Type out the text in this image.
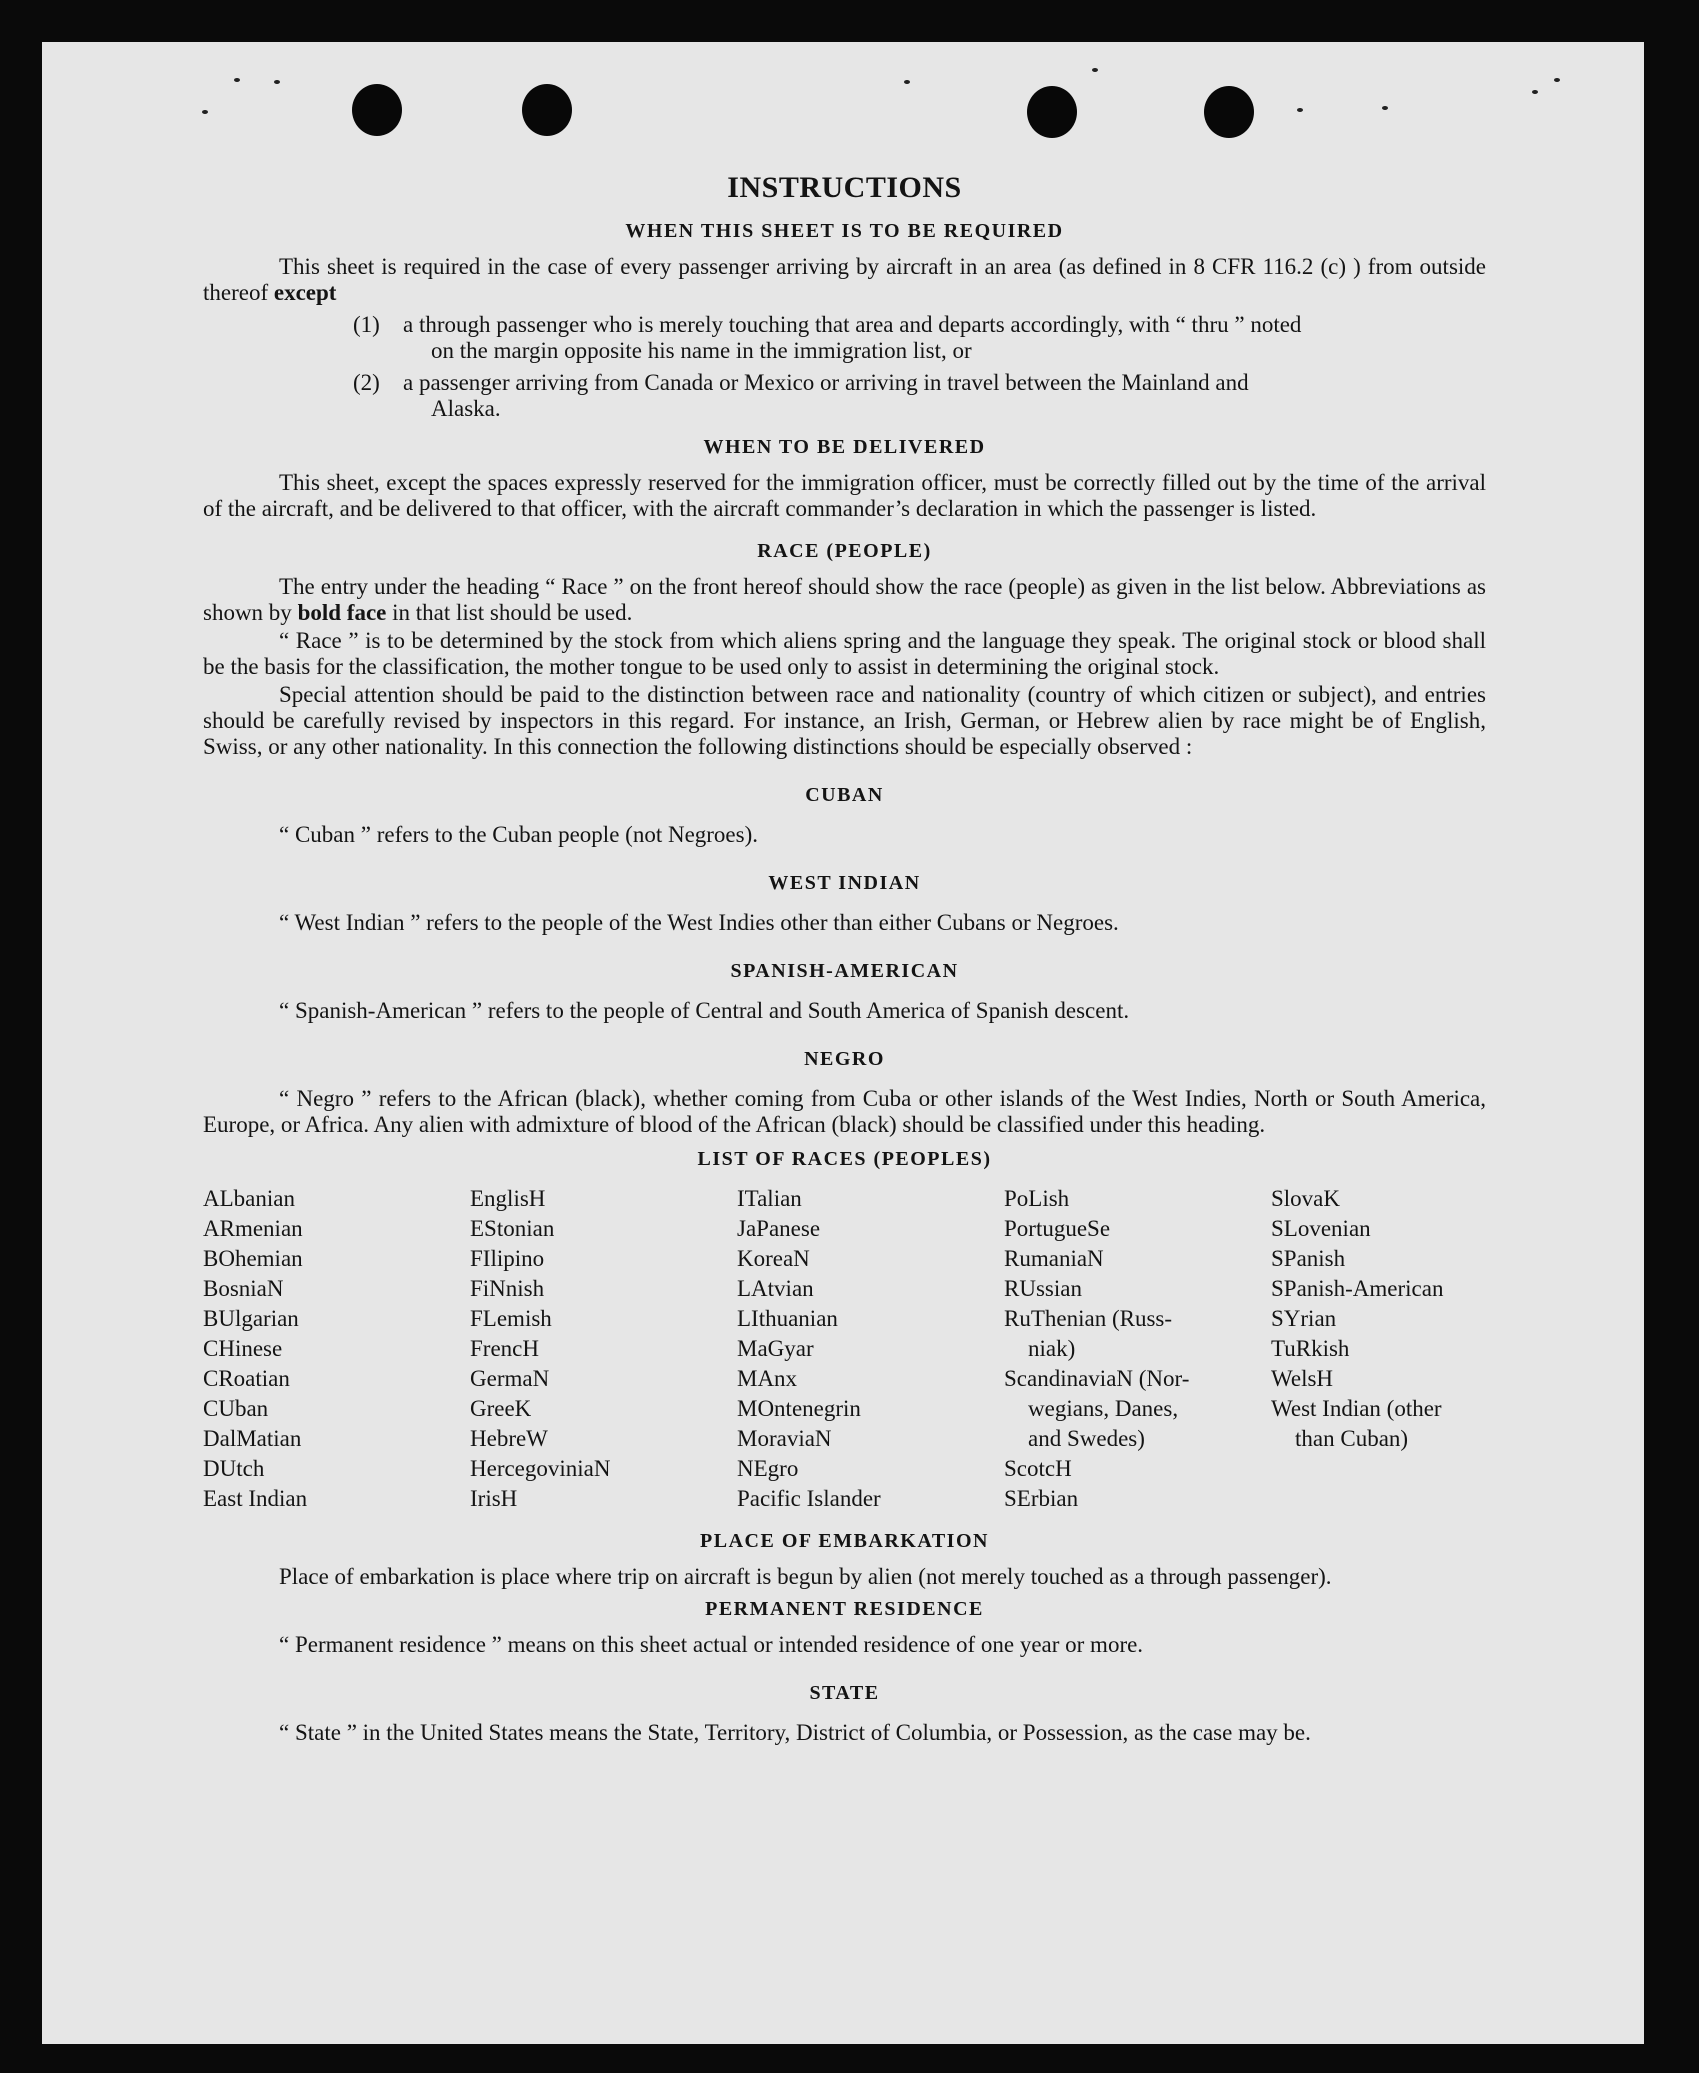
INSTRUCTIONS
WHEN THIS SHEET IS TO BE REQUIRED

This sheet is required in the case of every passenger arriving by aircraft in an area (as defined in 8 CFR 116.2 (c) ) from outside thereof except

(1)	a through passenger who is merely touching that area and departs accordingly, with “ thru ” noted
on the margin opposite his name in the immigration list, or
(2)	a passenger arriving from Canada or Mexico or arriving in travel between the Mainland and
Alaska.
WHEN TO BE DELIVERED

This sheet, except the spaces expressly reserved for the immigration officer, must be correctly filled out by the time of the arrival of the aircraft, and be delivered to that officer, with the aircraft commander’s declaration in which the passenger is listed.

RACE (PEOPLE)

The entry under the heading “ Race ” on the front hereof should show the race (people) as given in the list below. Abbreviations as shown by bold face in that list should be used.

“ Race ” is to be determined by the stock from which aliens spring and the language they speak. The original stock or blood shall be the basis for the classification, the mother tongue to be used only to assist in determining the original stock.

Special attention should be paid to the distinction between race and nationality (country of which citizen or subject), and entries should be carefully revised by inspectors in this regard. For instance, an Irish, German, or Hebrew alien by race might be of English, Swiss, or any other nationality. In this connection the following distinctions should be especially observed :

CUBAN

“ Cuban ” refers to the Cuban people (not Negroes).

WEST INDIAN

“ West Indian ” refers to the people of the West Indies other than either Cubans or Negroes.

SPANISH-AMERICAN

“ Spanish-American ” refers to the people of Central and South America of Spanish descent.

NEGRO

“ Negro ” refers to the African (black), whether coming from Cuba or other islands of the West Indies, North or South America, Europe, or Africa. Any alien with admixture of blood of the African (black) should be classified under this heading.

LIST OF RACES (PEOPLES)
ALbanian
ARmenian
BOhemian
BosniaN
BUlgarian
CHinese
CRoatian
CUban
DalMatian
DUtch
East Indian
EnglisH
EStonian
FIlipino
FiNnish
FLemish
FrencH
GermaN
GreeK
HebreW
HercegoviniaN
IrisH
ITalian
JaPanese
KoreaN
LAtvian
LIthuanian
MaGyar
MAnx
MOntenegrin
MoraviaN
NEgro
Pacific Islander
PoLish
PortugueSe
RumaniaN
RUssian
RuThenian (Russ-
niak)
ScandinaviaN (Nor-
wegians, Danes,
and Swedes)
ScotcH
SErbian
SlovaK
SLovenian
SPanish
SPanish-American
SYrian
TuRkish
WelsH
West Indian (other
than Cuban)
PLACE OF EMBARKATION

Place of embarkation is place where trip on aircraft is begun by alien (not merely touched as a through passenger).

PERMANENT RESIDENCE

“ Permanent residence ” means on this sheet actual or intended residence of one year or more.

STATE

“ State ” in the United States means the State, Territory, District of Columbia, or Possession, as the case may be.
